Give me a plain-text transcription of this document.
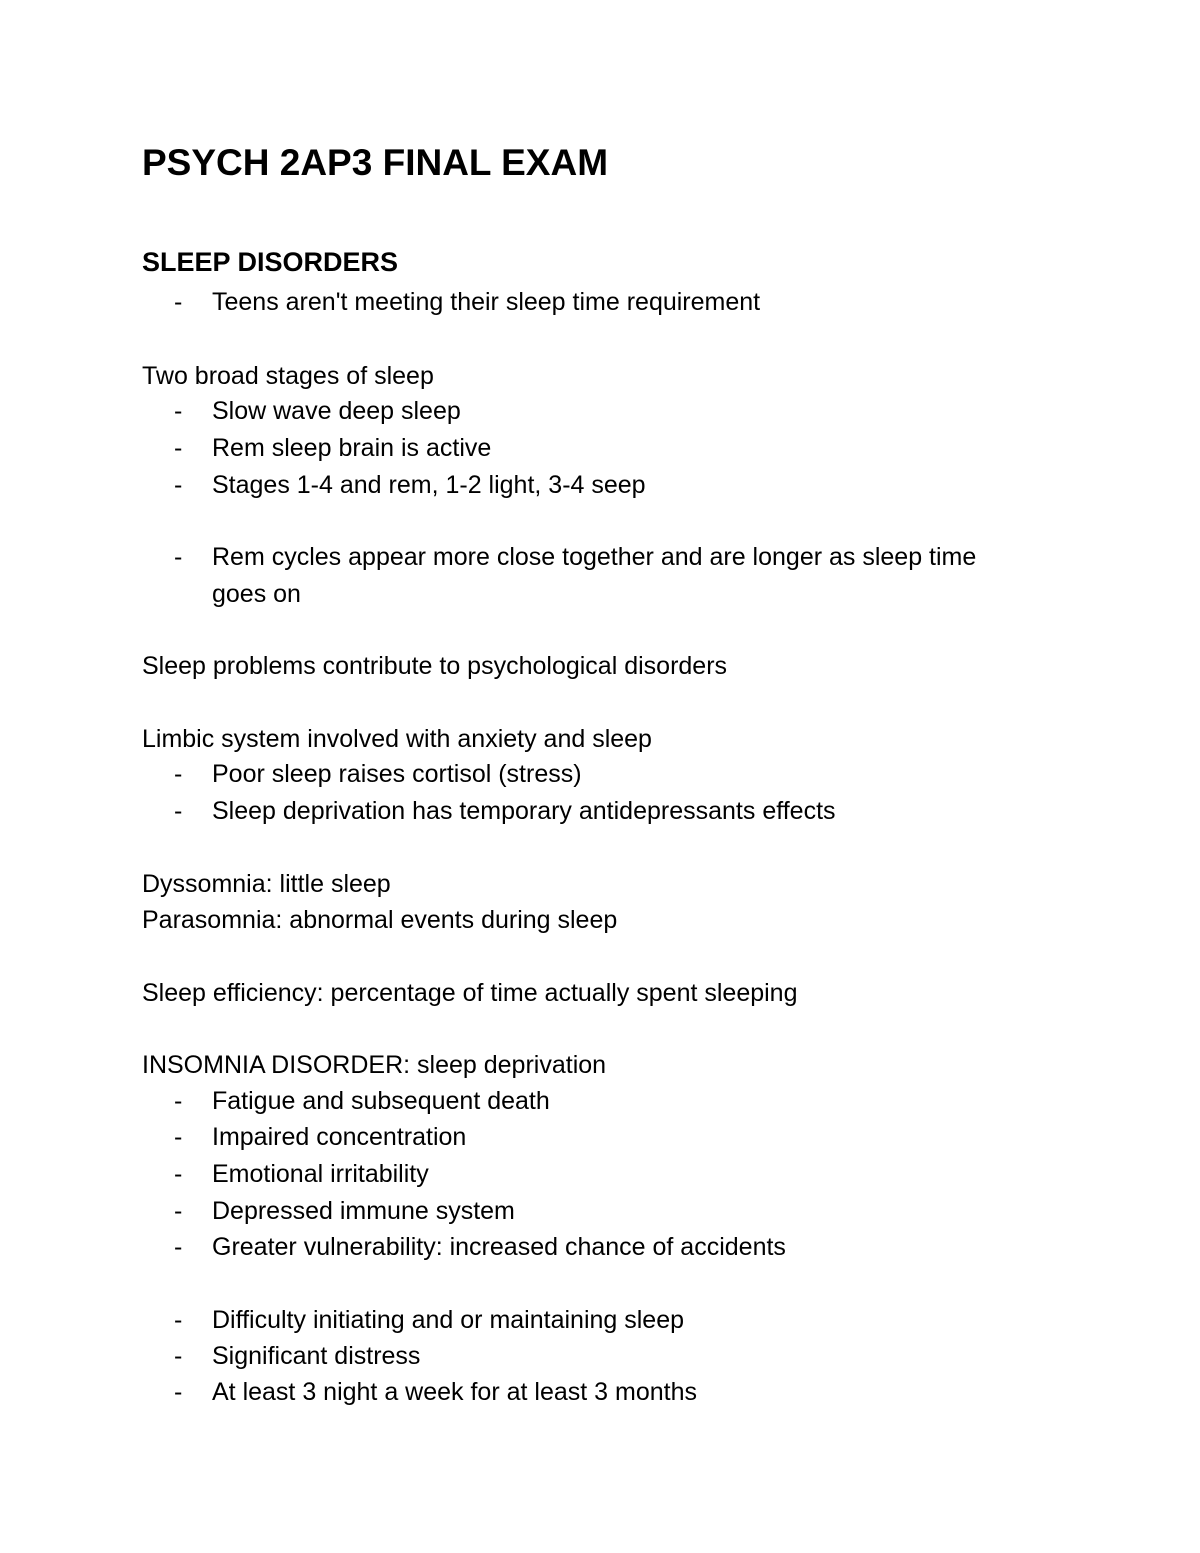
PSYCH 2AP3 FINAL EXAM
SLEEP DISORDERS
- Teens aren't meeting their sleep time requirement
Two broad stages of sleep
- Slow wave deep sleep
- Rem sleep brain is active
- Stages 1-4 and rem, 1-2 light, 3-4 seep
- Rem cycles appear more close together and are longer as sleep time
goes on
Sleep problems contribute to psychological disorders
Limbic system involved with anxiety and sleep
- Poor sleep raises cortisol (stress)
- Sleep deprivation has temporary antidepressants effects
Dyssomnia: little sleep
Parasomnia: abnormal events during sleep
Sleep efficiency: percentage of time actually spent sleeping
INSOMNIA DISORDER: sleep deprivation
- Fatigue and subsequent death
- Impaired concentration
- Emotional irritability
- Depressed immune system
- Greater vulnerability: increased chance of accidents
- Difficulty initiating and or maintaining sleep
- Significant distress
- At least 3 night a week for at least 3 months
